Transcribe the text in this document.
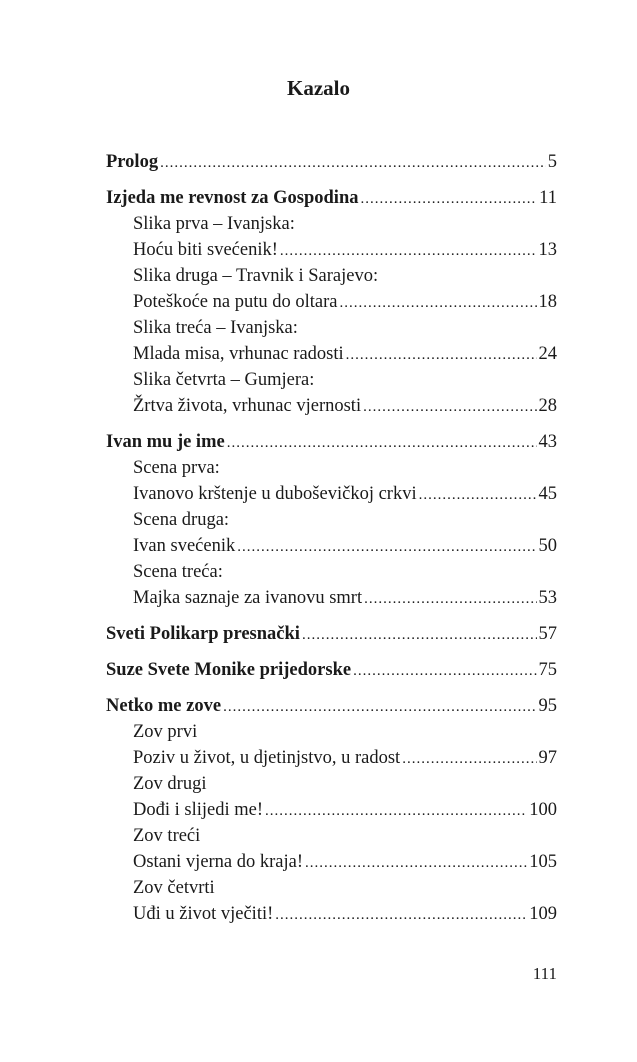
Kazalo
Prolog .....	5
Izjeda me revnost za Gospodina .....	11
Slika prva – Ivanjska:
Hoću biti svećenik! .....	13
Slika druga – Travnik i Sarajevo:
Poteškoće na putu do oltara .....	18
Slika treća – Ivanjska:
Mlada misa, vrhunac radosti .....	24
Slika četvrta – Gumjera:
Žrtva života, vrhunac vjernosti .....	28
Ivan mu je ime .....	43
Scena prva:
Ivanovo krštenje u duboševičkoj crkvi .....	45
Scena druga:
Ivan svećenik .....	50
Scena treća:
Majka saznaje za ivanovu smrt .....	53
Sveti Polikarp presnački .....	57
Suze Svete Monike prijedorske .....	75
Netko me zove .....	95
Zov prvi
Poziv u život, u djetinjstvo, u radost .....	97
Zov drugi
Dođi i slijedi me! .....	100
Zov treći
Ostani vjerna do kraja! .....	105
Zov četvrti
Uđi u život vječiti! .....	109
111
